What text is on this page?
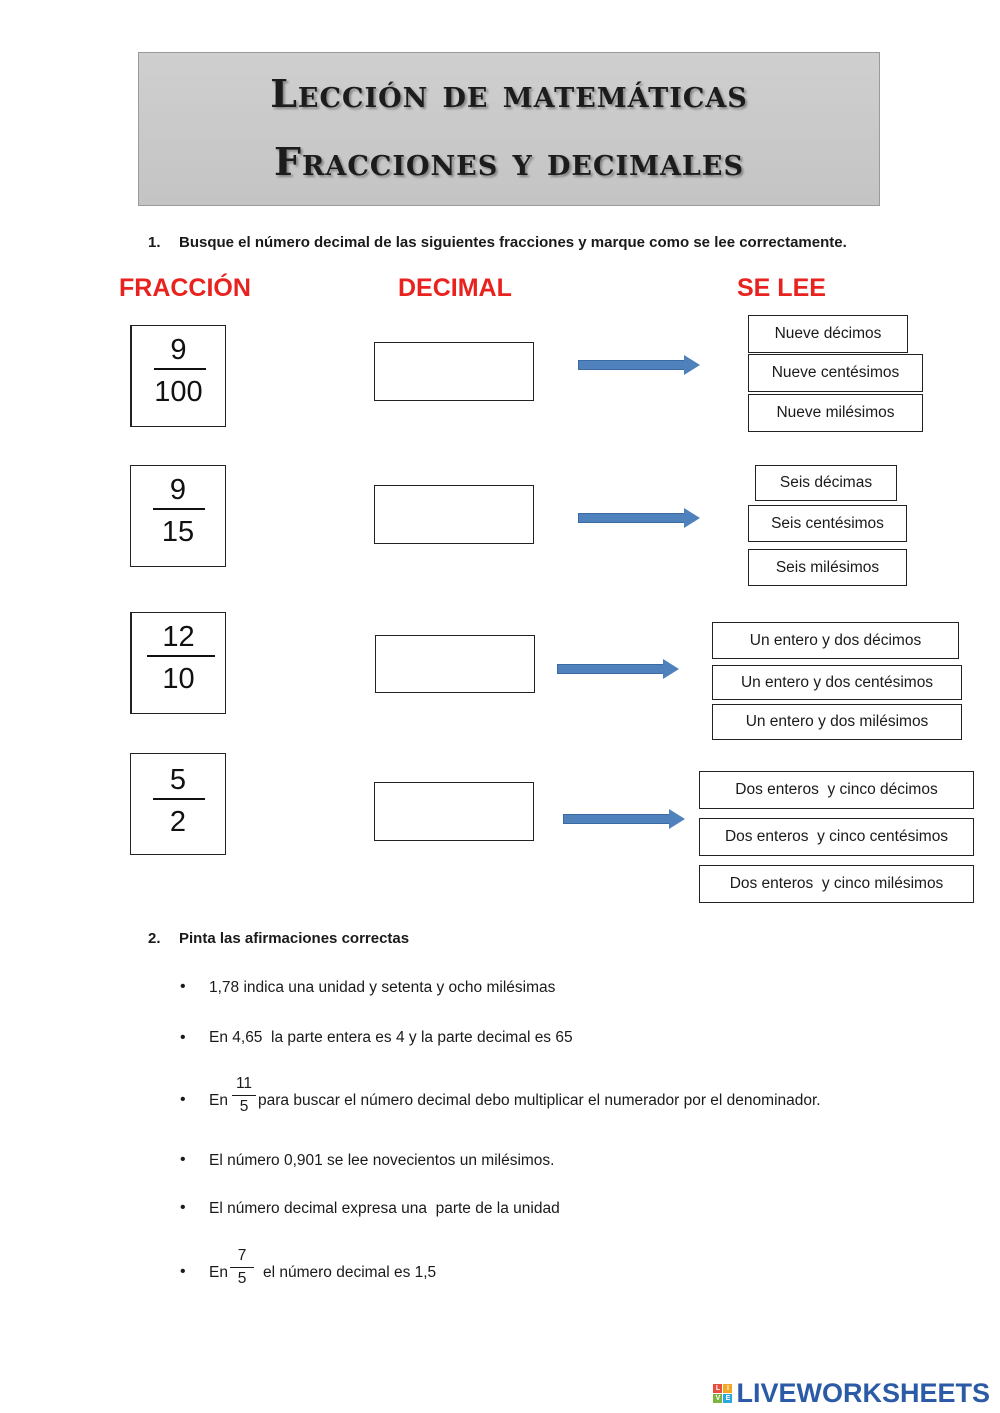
Lección de matemáticas
Fracciones y decimales
1. Busque el número decimal de las siguientes fracciones y marque como se lee correctamente.
FRACCIÓN	DECIMAL	SE LEE
9
100
Nueve décimos
Nueve centésimos
Nueve milésimos
9
15
Seis décimas
Seis centésimos
Seis milésimos
12
10
Un entero y dos décimos
Un entero y dos centésimos
Un entero y dos milésimos
5
2
Dos enteros  y cinco décimos
Dos enteros  y cinco centésimos
Dos enteros  y cinco milésimos
2. Pinta las afirmaciones correctas
• 1,78 indica una unidad y setenta y ocho milésimas
• En 4,65  la parte entera es 4 y la parte decimal es 65
• En
11
5 para buscar el número decimal debo multiplicar el numerador por el denominador.
• El número 0,901 se lee novecientos un milésimos.
• El número decimal expresa una  parte de la unidad
• En
7
5	el número decimal es 1,5
L I
V E LIVEWORKSHEETS
